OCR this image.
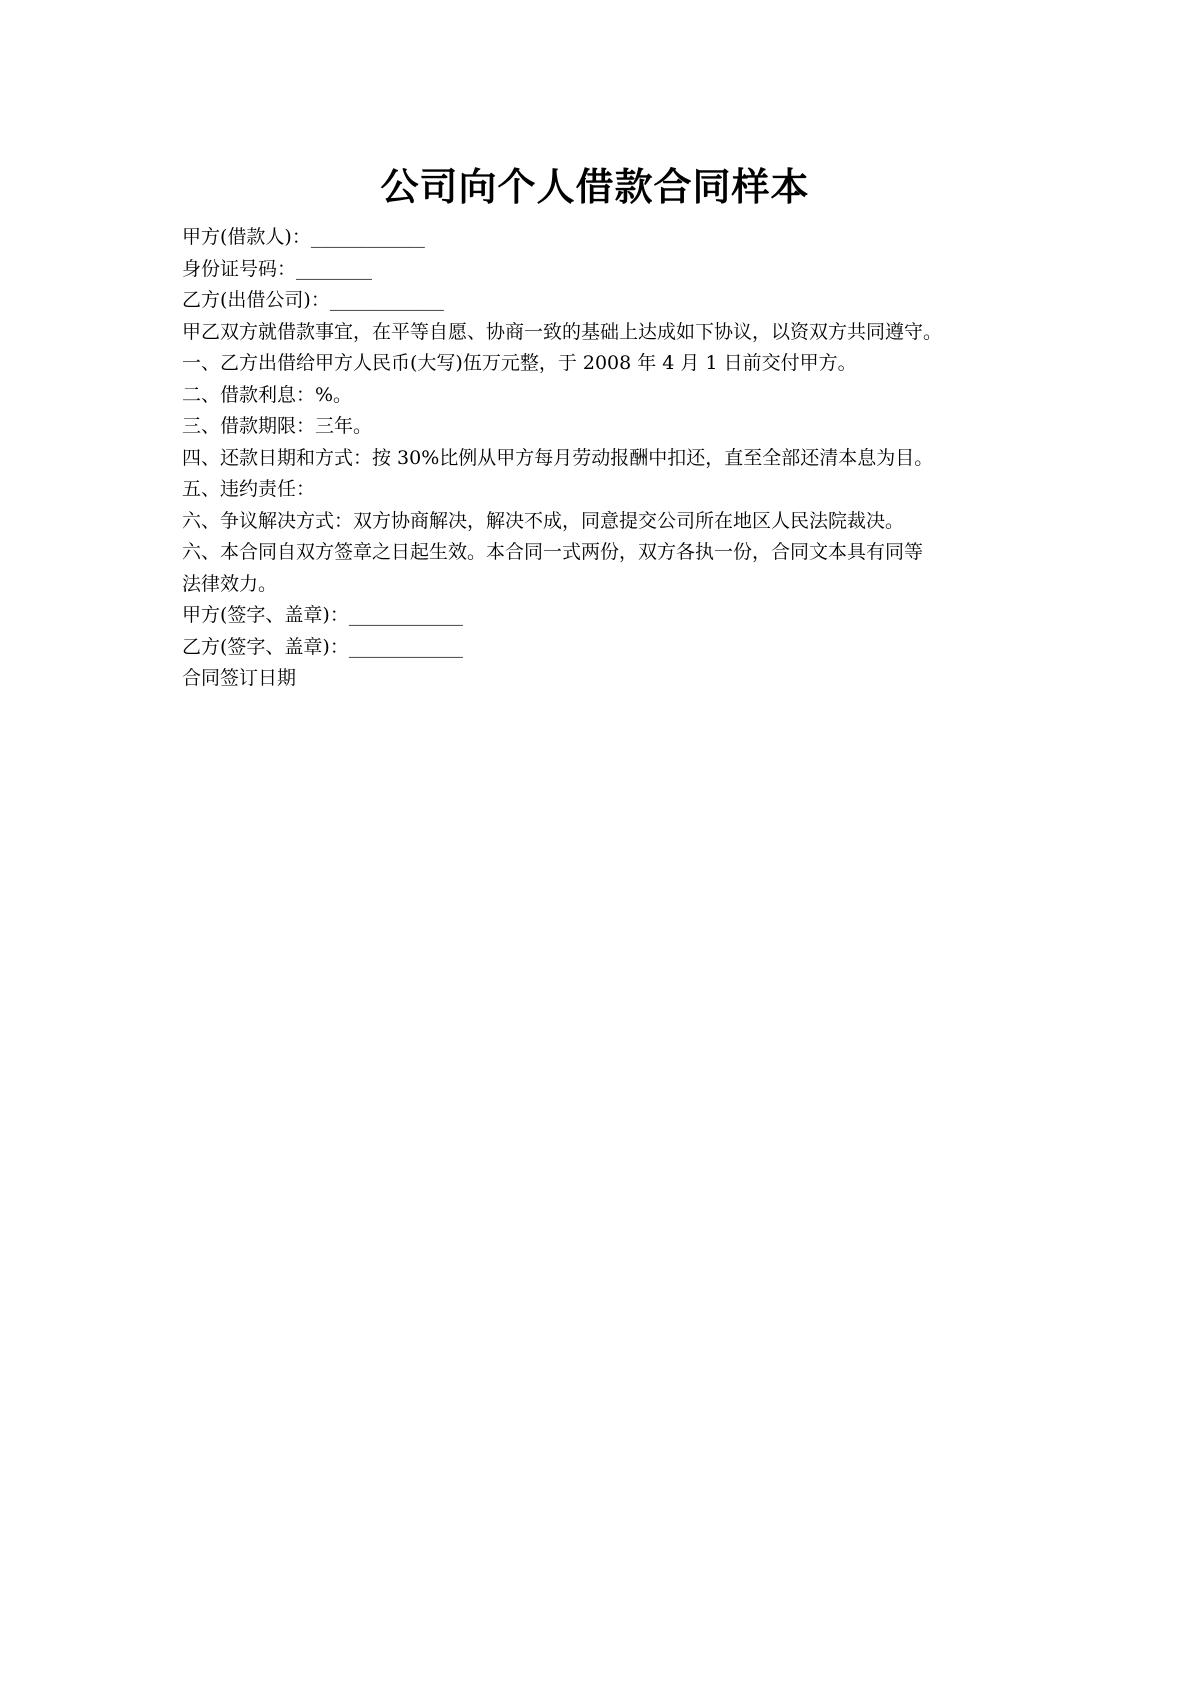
公司向个人借款合同样本
甲方(借款人)：____________
身份证号码：________
乙方(出借公司)：____________
甲乙双方就借款事宜，在平等自愿、协商一致的基础上达成如下协议，以资双方共同遵守。
一、乙方出借给甲方人民币(大写)伍万元整，于 2008 年 4 月 1 日前交付甲方。
二、借款利息：%。
三、借款期限：三年。
四、还款日期和方式：按 30%比例从甲方每月劳动报酬中扣还，直至全部还清本息为目。
五、违约责任：
六、争议解决方式：双方协商解决，解决不成，同意提交公司所在地区人民法院裁决。
六、本合同自双方签章之日起生效。本合同一式两份，双方各执一份，合同文本具有同等
法律效力。
甲方(签字、盖章)：____________
乙方(签字、盖章)：____________
合同签订日期
